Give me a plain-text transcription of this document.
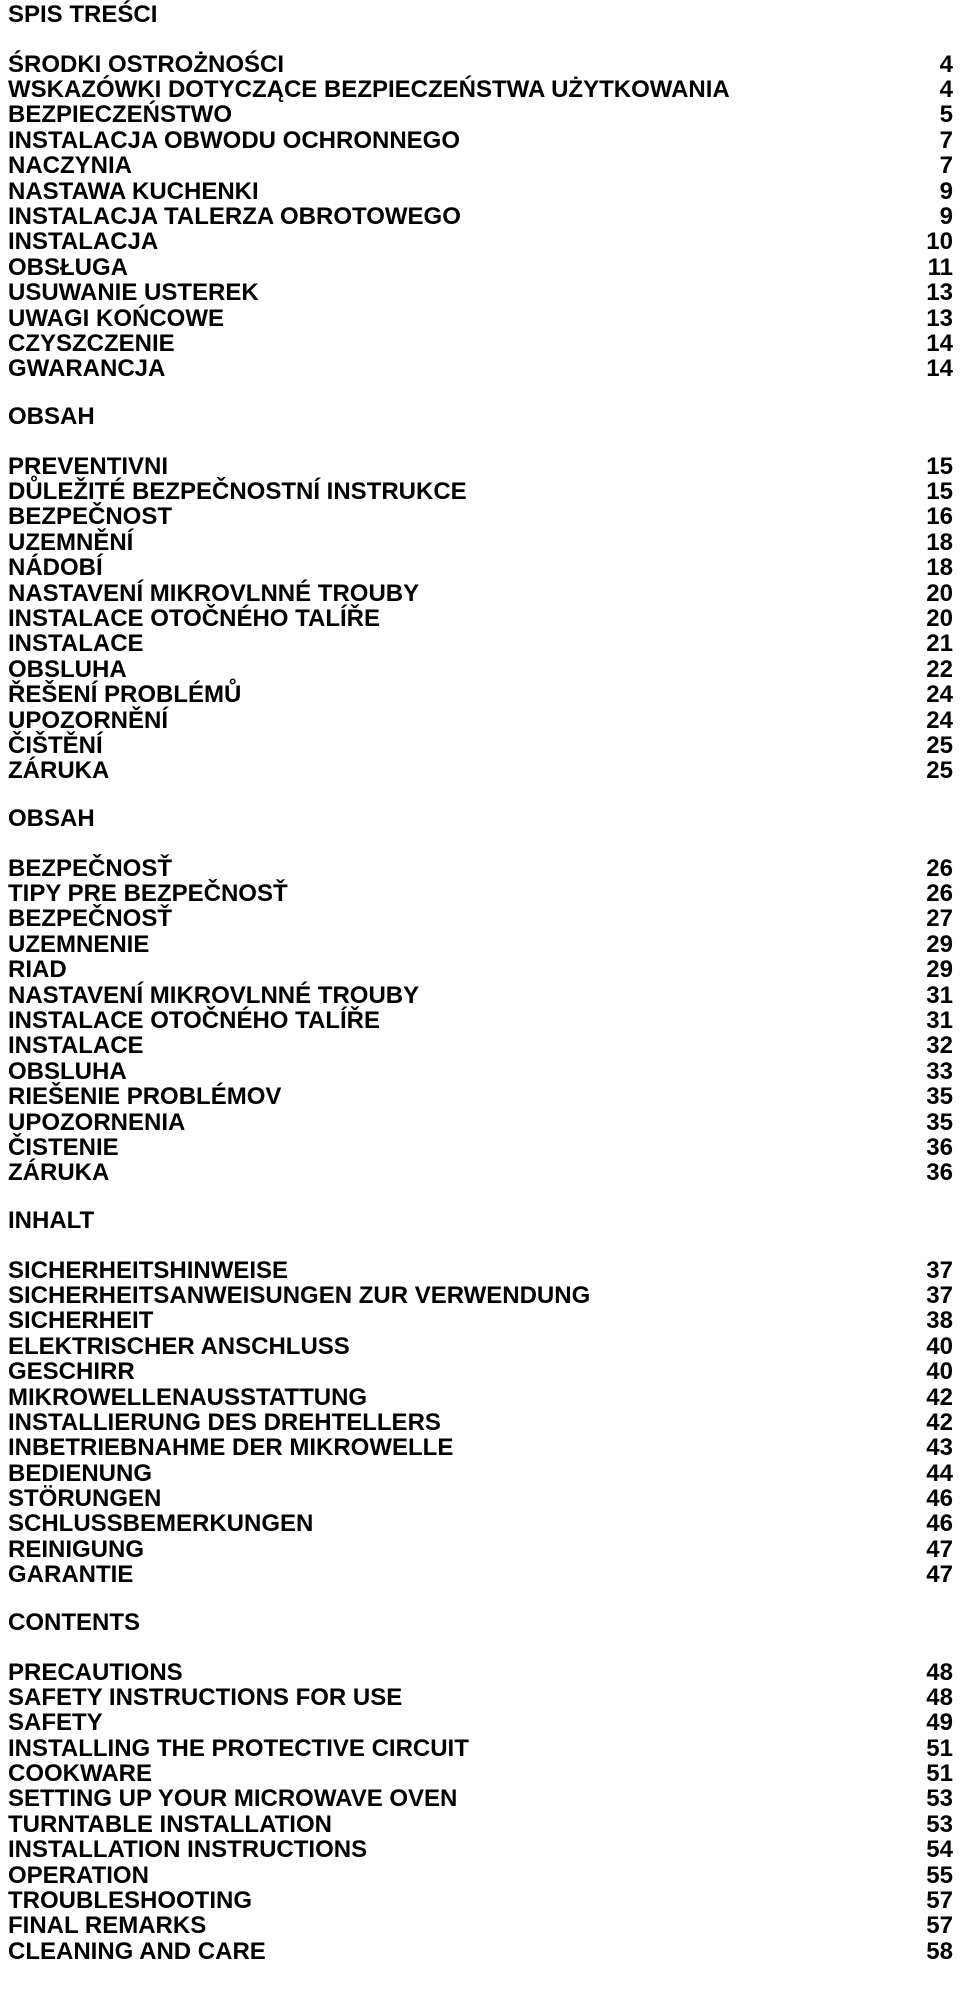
SPIS TREŚCI
ŚRODKI OSTROŻNOŚCI	4
WSKAZÓWKI DOTYCZĄCE BEZPIECZEŃSTWA UŻYTKOWANIA	4
BEZPIECZEŃSTWO	5
INSTALACJA OBWODU OCHRONNEGO	7
NACZYNIA	7
NASTAWA KUCHENKI	9
INSTALACJA TALERZA OBROTOWEGO	9
INSTALACJA	10
OBSŁUGA	11
USUWANIE USTEREK	13
UWAGI KOŃCOWE	13
CZYSZCZENIE	14
GWARANCJA	14
OBSAH
PREVENTIVNI	15
DŮLEŽITÉ BEZPEČNOSTNÍ INSTRUKCE	15
BEZPEČNOST	16
UZEMNĚNÍ	18
NÁDOBÍ	18
NASTAVENÍ MIKROVLNNÉ TROUBY	20
INSTALACE OTOČNÉHO TALÍŘE	20
INSTALACE	21
OBSLUHA	22
ŘEŠENÍ PROBLÉMŮ	24
UPOZORNĚNÍ	24
ČIŠTĚNÍ	25
ZÁRUKA	25
OBSAH
BEZPEČNOSŤ	26
TIPY PRE BEZPEČNOSŤ	26
BEZPEČNOSŤ	27
UZEMNENIE	29
RIAD	29
NASTAVENÍ MIKROVLNNÉ TROUBY	31
INSTALACE OTOČNÉHO TALÍŘE	31
INSTALACE	32
OBSLUHA	33
RIEŠENIE PROBLÉMOV	35
UPOZORNENIA	35
ČISTENIE	36
ZÁRUKA	36
INHALT
SICHERHEITSHINWEISE	37
SICHERHEITSANWEISUNGEN ZUR VERWENDUNG	37
SICHERHEIT	38
ELEKTRISCHER ANSCHLUSS	40
GESCHIRR	40
MIKROWELLENAUSSTATTUNG	42
INSTALLIERUNG DES DREHTELLERS	42
INBETRIEBNAHME DER MIKROWELLE	43
BEDIENUNG	44
STÖRUNGEN	46
SCHLUSSBEMERKUNGEN	46
REINIGUNG	47
GARANTIE	47
CONTENTS
PRECAUTIONS	48
SAFETY INSTRUCTIONS FOR USE	48
SAFETY	49
INSTALLING THE PROTECTIVE CIRCUIT	51
COOKWARE	51
SETTING UP YOUR MICROWAVE OVEN	53
TURNTABLE INSTALLATION	53
INSTALLATION INSTRUCTIONS	54
OPERATION	55
TROUBLESHOOTING	57
FINAL REMARKS	57
CLEANING AND CARE	58
